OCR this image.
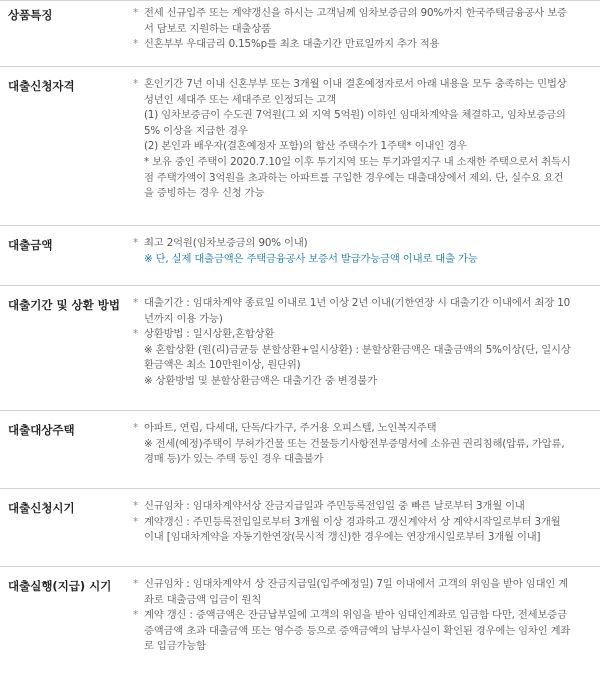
상품특징	* 전세 신규입주 또는 계약갱신을 하시는 고객님께 임차보증금의 90%까지 한국주택금융공사 보증
서 담보로 지원하는 대출상품
* 신혼부부 우대금리 0.15%p를 최초 대출기간 만료일까지 추가 적용
대출신청자격	* 혼인기간 7년 이내 신혼부부 또는 3개월 이내 결혼예정자로서 아래 내용을 모두 충족하는 민법상
성년인 세대주 또는 세대주로 인정되는 고객
(1) 임차보증금이 수도권 7억원(그 외 지역 5억원) 이하인 임대차계약을 체결하고, 임차보증금의
5% 이상을 지급한 경우
(2) 본인과 배우자(결혼예정자 포함)의 합산 주택수가 1주택* 이내인 경우
* 보유 중인 주택이 2020.7.10일 이후 투기지역 또는 투기과열지구 내 소재한 주택으로서 취득시
점 주택가액이 3억원을 초과하는 아파트를 구입한 경우에는 대출대상에서 제외. 단, 실수요 요건
을 증빙하는 경우 신청 가능
대출금액	* 최고 2억원(임차보증금의 90% 이내)
※ 단, 실제 대출금액은 주택금융공사 보증서 발급가능금액 이내로 대출 가능
대출기간 및 상환 방법 * 대출기간 : 임대차계약 종료일 이내로 1년 이상 2년 이내(기한연장 시 대출기간 이내에서 최장 10
년까지 이용 가능)
* 상환방법 : 일시상환,혼합상환
※ 혼합상환 (원(리)금균등 분할상환+일시상환) : 분할상환금액은 대출금액의 5%이상(단, 일시상
환금액은 최소 10만원이상, 원단위)
※ 상환방법 및 분할상환금액은 대출기간 중 변경불가
대출대상주택	* 아파트, 연립, 다세대, 단독/다가구, 주거용 오피스텔, 노인복지주택
※ 전세(예정)주택이 무허가건물 또는 건물등기사항전부증명서에 소유권 권리침해(압류, 가압류,
경매 등)가 있는 주택 등인 경우 대출불가
대출신청시기	* 신규임차 : 임대차계약서상 잔금지급일과 주민등록전입일 중 빠른 날로부터 3개월 이내
* 계약갱신 : 주민등록전입일로부터 3개월 이상 경과하고 갱신계약서 상 계약시작일로부터 3개월
이내 [임대차계약을 자동기한연장(묵시적 갱신)한 경우에는 연장개시일로부터 3개월 이내]
대출실행(지급) 시기	* 신규임차 : 임대차계약서 상 잔금지급일(입주예정일) 7일 이내에서 고객의 위임을 받아 임대인 계
좌로 대출금액 입금이 원칙
* 계약 갱신 : 증액금액은 잔금납부일에 고객의 위임을 받아 임대인계좌로 입금함 다만, 전세보증금
증액금액 초과 대출금액 또는 영수증 등으로 증액금액의 납부사실이 확인된 경우에는 임차인 계좌
로 입금가능함
